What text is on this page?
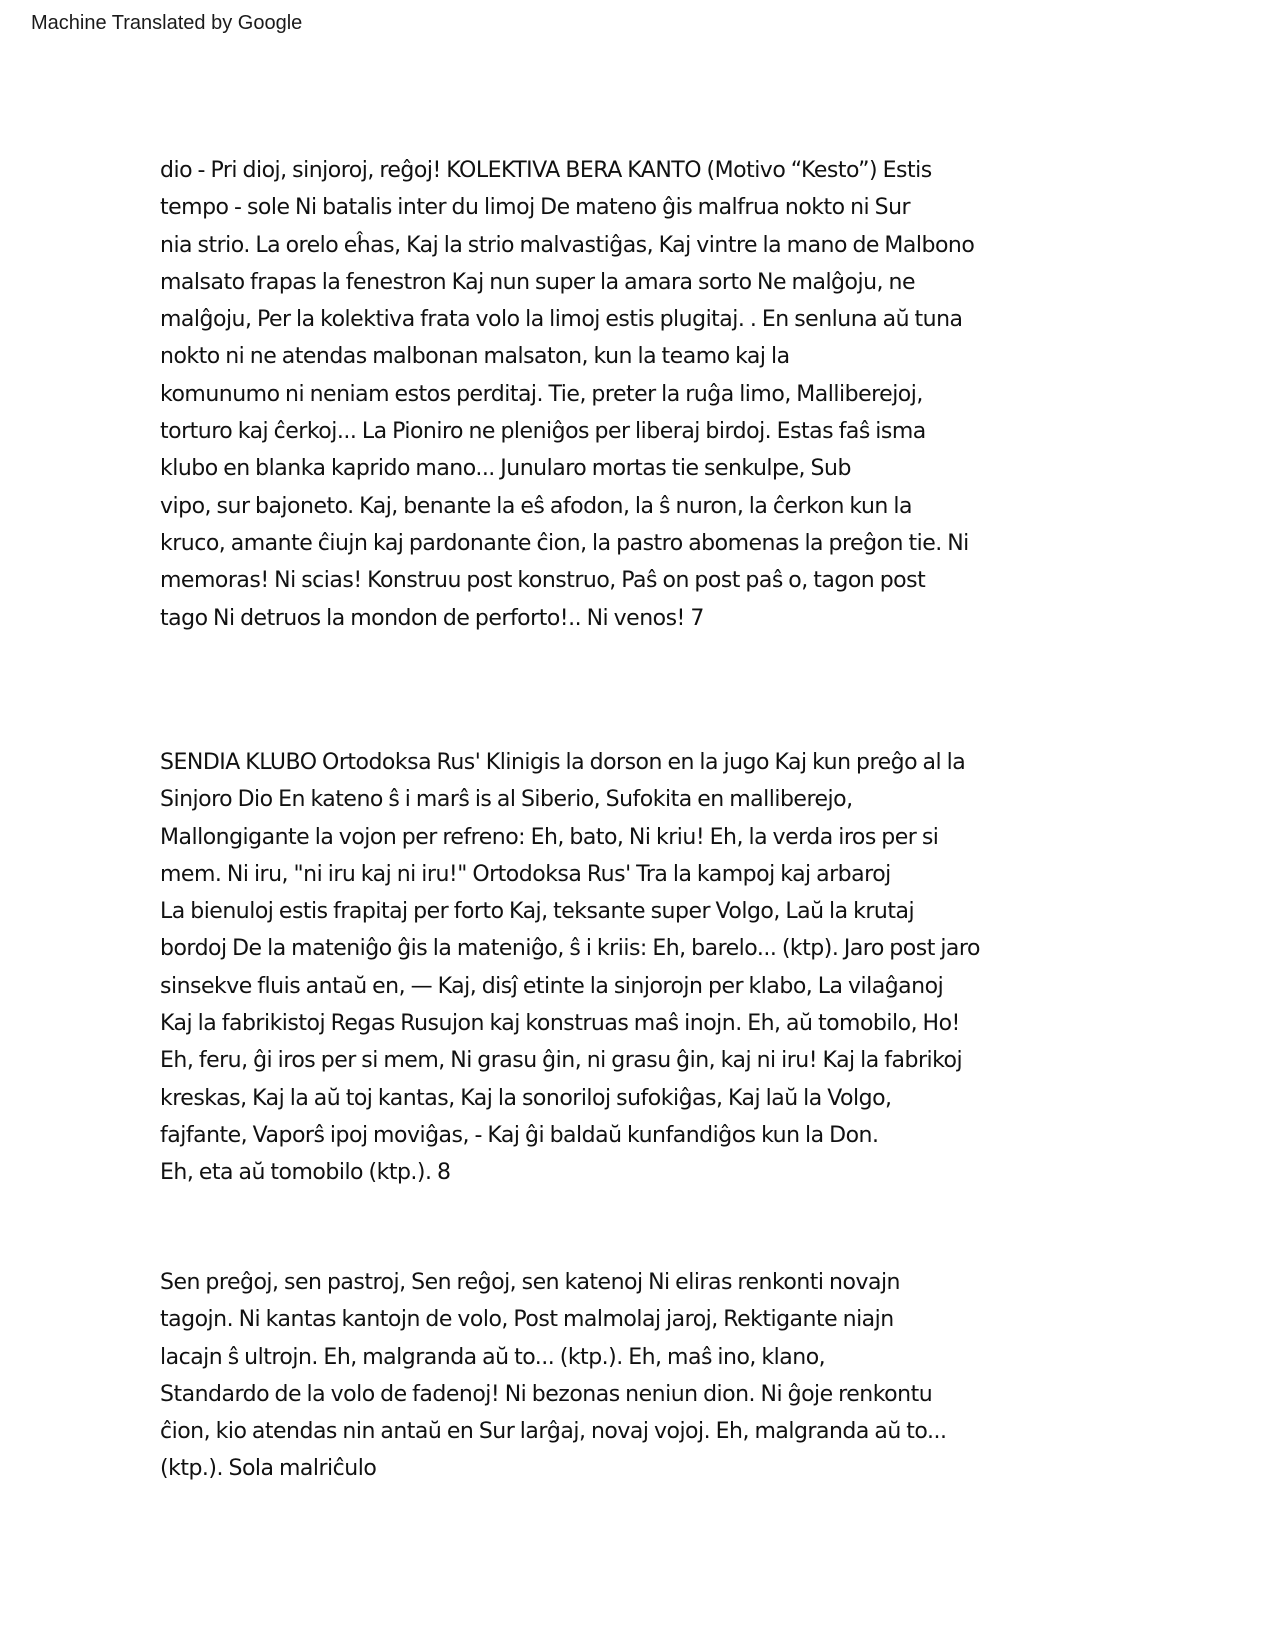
Machine Translated by Google
dio - Pri dioj, sinjoroj, reĝoj! KOLEKTIVA BERA KANTO (Motivo “Kesto”) Estis
tempo - sole Ni batalis inter du limoj De mateno ĝis malfrua nokto ni Sur
nia strio. La orelo eĥas, Kaj la strio malvastiĝas, Kaj vintre la mano de Malbono
malsato frapas la fenestron Kaj nun super la amara sorto Ne malĝoju, ne
malĝoju, Per la kolektiva frata volo la limoj estis plugitaj. . En senluna aŭ tuna
nokto ni ne atendas malbonan malsaton, kun la teamo kaj la
komunumo ni neniam estos perditaj. Tie, preter la ruĝa limo, Malliberejoj,
torturo kaj ĉerkoj... La Pioniro ne pleniĝos per liberaj birdoj. Estas faŝ isma
klubo en blanka kaprido mano... Junularo mortas tie senkulpe, Sub
vipo, sur bajoneto. Kaj, benante la eŝ afodon, la ŝ nuron, la ĉerkon kun la
kruco, amante ĉiujn kaj pardonante ĉion, la pastro abomenas la preĝon tie. Ni
memoras! Ni scias! Konstruu post konstruo, Paŝ on post paŝ o, tagon post
tago Ni detruos la mondon de perforto!.. Ni venos! 7
SENDIA KLUBO Ortodoksa Rus' Klinigis la dorson en la jugo Kaj kun preĝo al la
Sinjoro Dio En kateno ŝ i marŝ is al Siberio, Sufokita en malliberejo,
Mallongigante la vojon per refreno: Eh, bato, Ni kriu! Eh, la verda iros per si
mem. Ni iru, "ni iru kaj ni iru!" Ortodoksa Rus' Tra la kampoj kaj arbaroj
La bienuloj estis frapitaj per forto Kaj, teksante super Volgo, Laŭ la krutaj
bordoj De la mateniĝo ĝis la mateniĝo, ŝ i kriis: Eh, barelo... (ktp). Jaro post jaro
sinsekve fluis antaŭ en, — Kaj, disĵ etinte la sinjorojn per klabo, La vilaĝanoj
Kaj la fabrikistoj Regas Rusujon kaj konstruas maŝ inojn. Eh, aŭ tomobilo, Ho!
Eh, feru, ĝi iros per si mem, Ni grasu ĝin, ni grasu ĝin, kaj ni iru! Kaj la fabrikoj
kreskas, Kaj la aŭ toj kantas, Kaj la sonoriloj sufokiĝas, Kaj laŭ la Volgo,
fajfante, Vaporŝ ipoj moviĝas, - Kaj ĝi baldaŭ kunfandiĝos kun la Don.
Eh, eta aŭ tomobilo (ktp.). 8
Sen preĝoj, sen pastroj, Sen reĝoj, sen katenoj Ni eliras renkonti novajn
tagojn. Ni kantas kantojn de volo, Post malmolaj jaroj, Rektigante niajn
lacajn ŝ ultrojn. Eh, malgranda aŭ to... (ktp.). Eh, maŝ ino, klano,
Standardo de la volo de fadenoj! Ni bezonas neniun dion. Ni ĝoje renkontu
ĉion, kio atendas nin antaŭ en Sur larĝaj, novaj vojoj. Eh, malgranda aŭ to...
(ktp.). Sola malriĉulo
